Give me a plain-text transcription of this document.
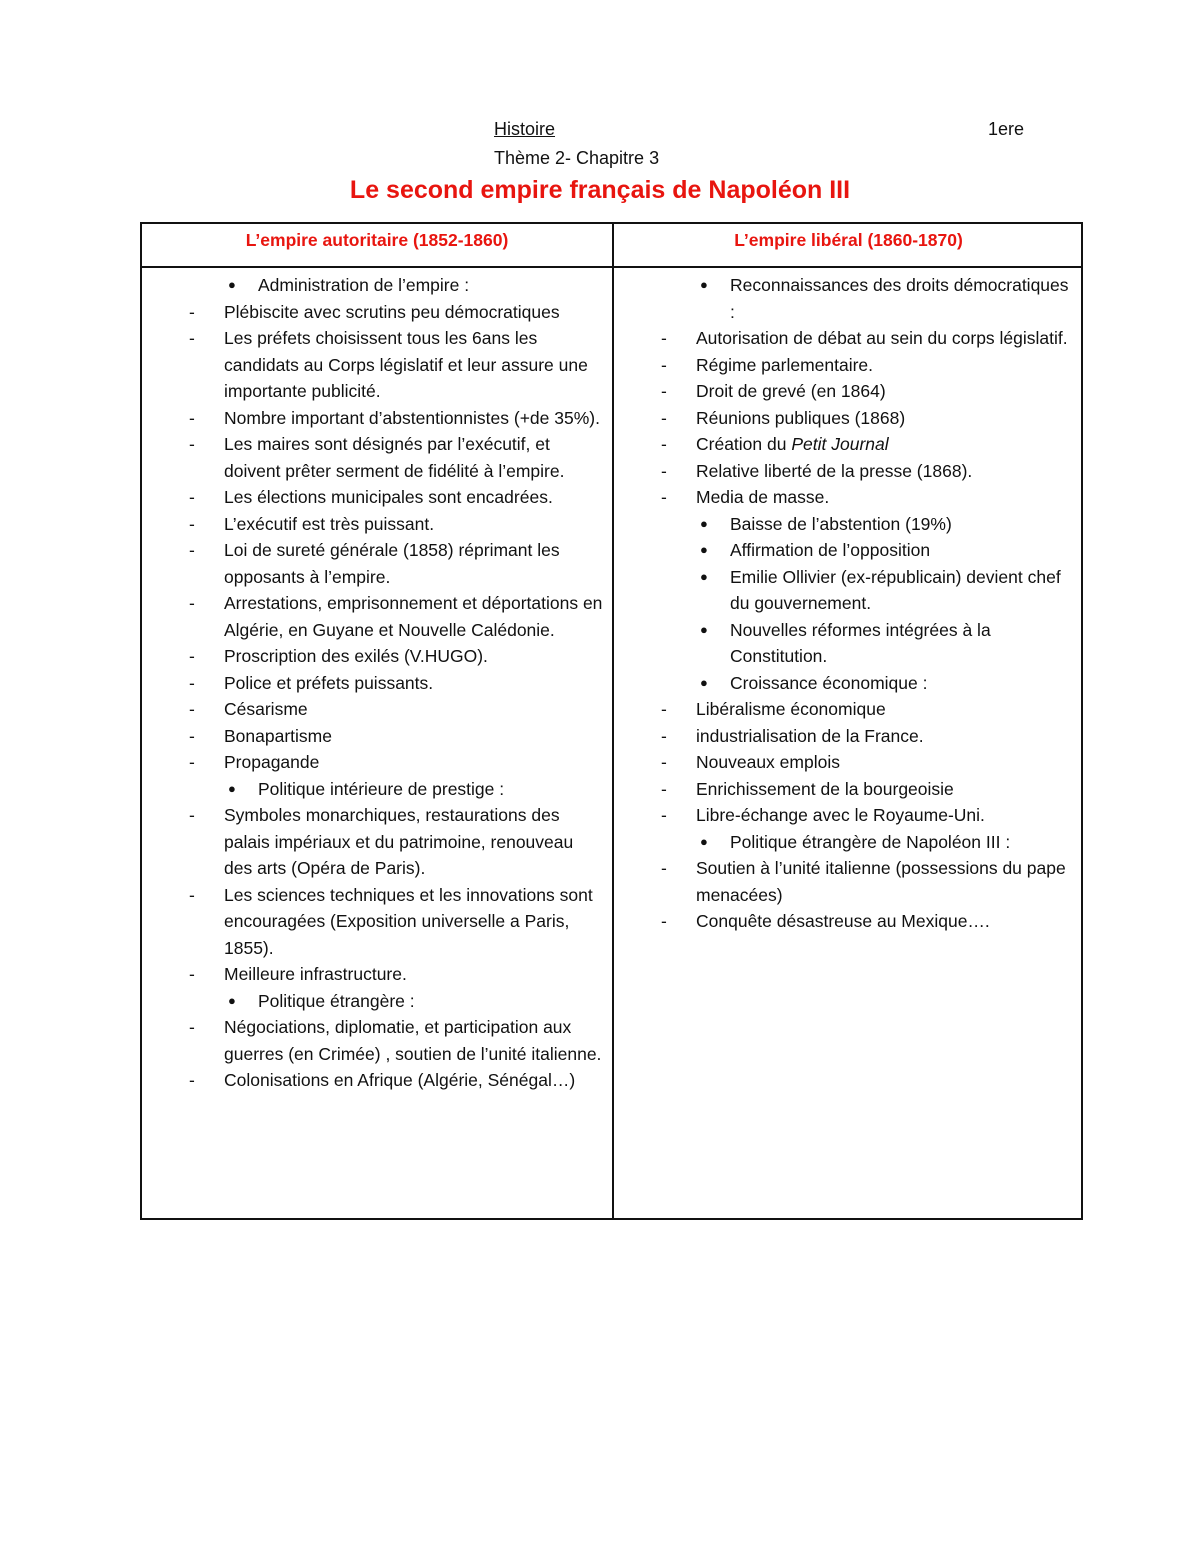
Histoire	1ere
Thème 2- Chapitre 3
Le second empire français de Napoléon III
L’empire autoritaire (1852-1860)	L’empire libéral (1860-1870)
● Administration de l’empire :
- Plébiscite avec scrutins peu démocratiques
- Les préfets choisissent tous les 6ans les candidats au Corps législatif et leur assure une importante publicité.
- Nombre important d’abstentionnistes (+de 35%).
- Les maires sont désignés par l’exécutif, et doivent prêter serment de fidélité à l’empire.
- Les élections municipales sont encadrées.
- L’exécutif est très puissant.
- Loi de sureté générale (1858) réprimant les opposants à l’empire.
- Arrestations, emprisonnement et déportations en Algérie, en Guyane et Nouvelle Calédonie.
- Proscription des exilés (V.HUGO).
- Police et préfets puissants.
- Césarisme
- Bonapartisme
- Propagande
● Politique intérieure de prestige :
- Symboles monarchiques, restaurations des palais impériaux et du patrimoine, renouveau des arts (Opéra de Paris).
- Les sciences techniques et les innovations sont encouragées (Exposition universelle a Paris, 1855).
- Meilleure infrastructure.
● Politique étrangère :
- Négociations, diplomatie, et participation aux guerres (en Crimée) , soutien de l’unité italienne.
- Colonisations en Afrique (Algérie, Sénégal…)
● Reconnaissances des droits démocratiques :
- Autorisation de débat au sein du corps législatif.
- Régime parlementaire.
- Droit de grevé (en 1864)
- Réunions publiques (1868)
- Création du Petit Journal
- Relative liberté de la presse (1868).
- Media de masse.
● Baisse de l’abstention (19%)
● Affirmation de l’opposition
● Emilie Ollivier (ex-républicain) devient chef du gouvernement.
● Nouvelles réformes intégrées à la Constitution.
● Croissance économique :
- Libéralisme économique
- industrialisation de la France.
- Nouveaux emplois
- Enrichissement de la bourgeoisie
- Libre-échange avec le Royaume-Uni.
● Politique étrangère de Napoléon III :
- Soutien à l’unité italienne (possessions du pape menacées)
- Conquête désastreuse au Mexique….
